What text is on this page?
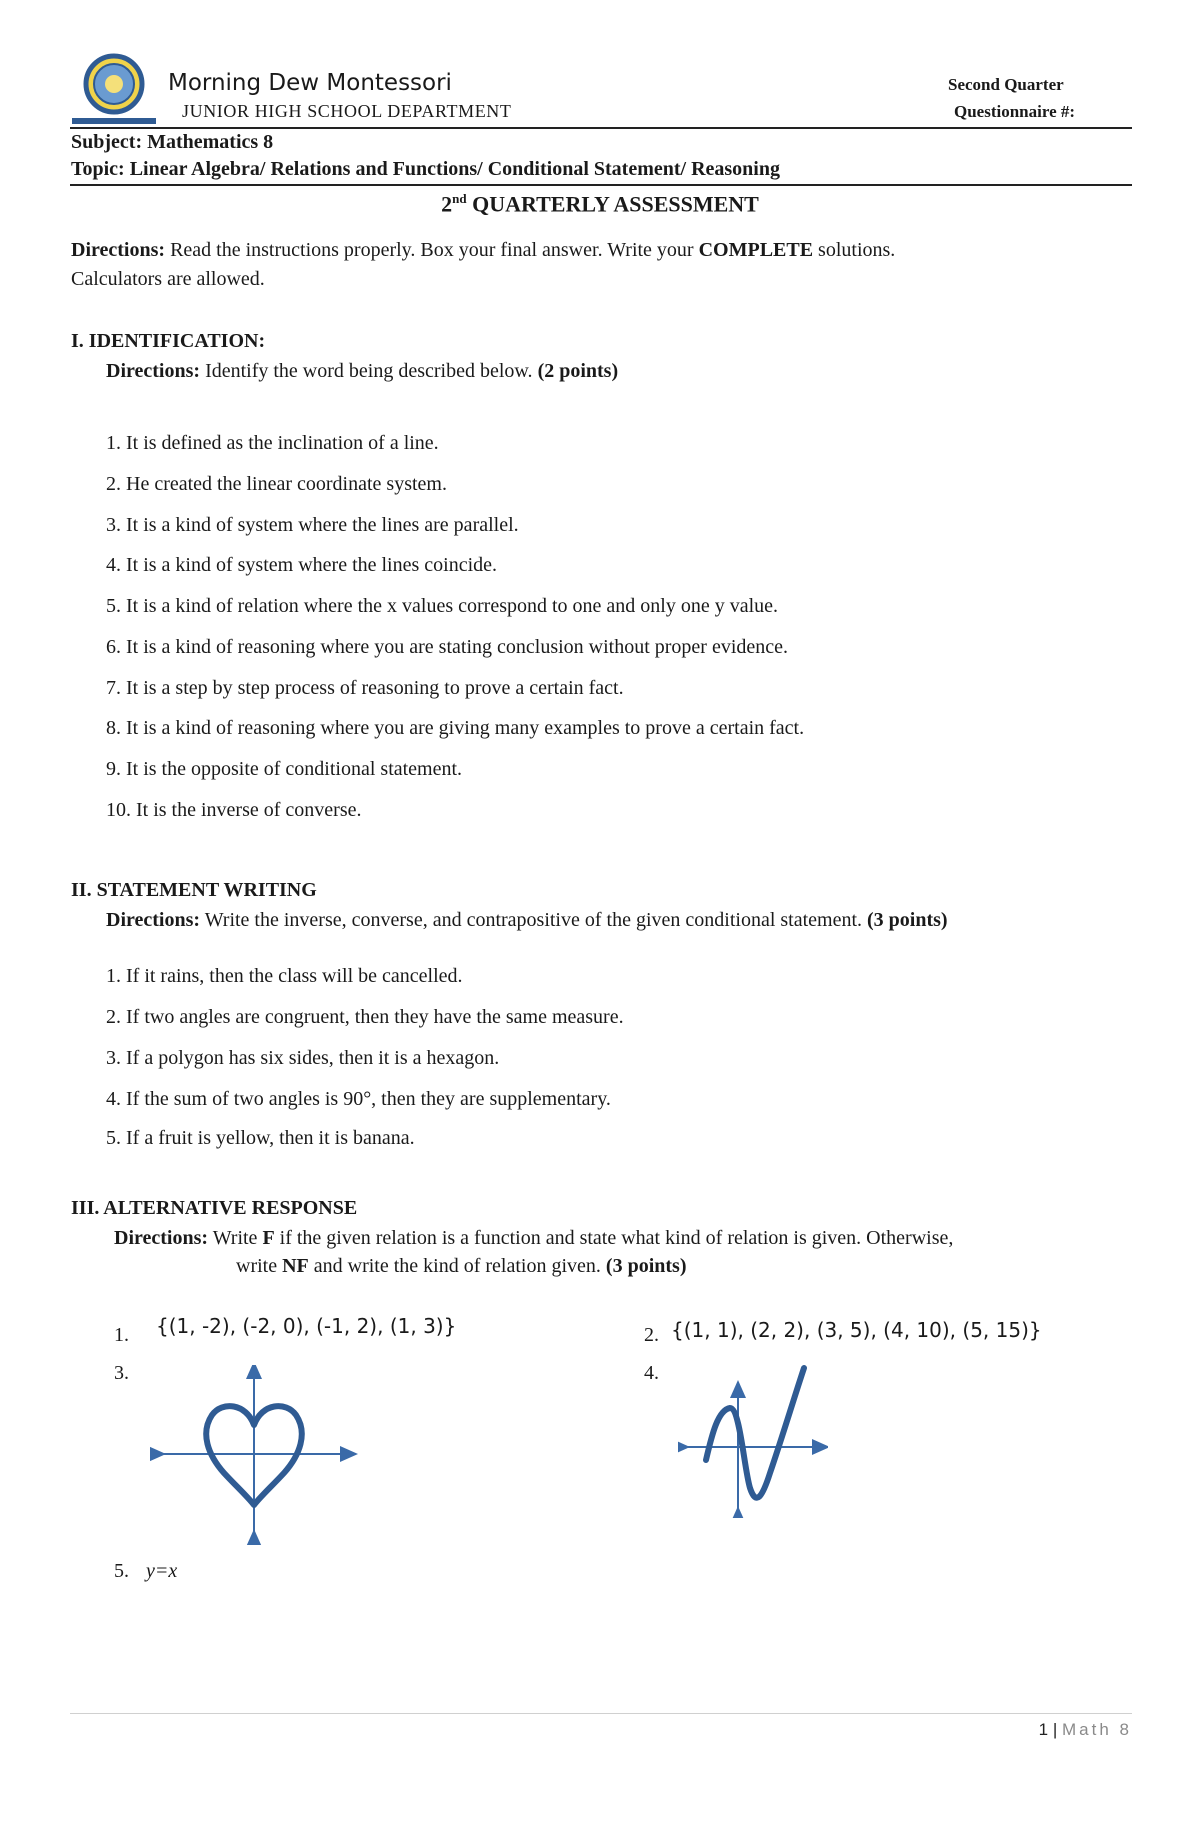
Morning Dew Montessori
JUNIOR HIGH SCHOOL DEPARTMENT
Second Quarter
Questionnaire #:
Subject: Mathematics 8
Topic: Linear Algebra/ Relations and Functions/ Conditional Statement/ Reasoning
2nd QUARTERLY ASSESSMENT
Directions: Read the instructions properly. Box your final answer. Write your COMPLETE solutions.
Calculators are allowed.
I. IDENTIFICATION:
Directions: Identify the word being described below. (2 points)
1. It is defined as the inclination of a line.
2. He created the linear coordinate system.
3. It is a kind of system where the lines are parallel.
4. It is a kind of system where the lines coincide.
5. It is a kind of relation where the x values correspond to one and only one y value.
6. It is a kind of reasoning where you are stating conclusion without proper evidence.
7. It is a step by step process of reasoning to prove a certain fact.
8. It is a kind of reasoning where you are giving many examples to prove a certain fact.
9. It is the opposite of conditional statement.
10. It is the inverse of converse.
II. STATEMENT WRITING
Directions: Write the inverse, converse, and contrapositive of the given conditional statement. (3 points)
1. If it rains, then the class will be cancelled.
2. If two angles are congruent, then they have the same measure.
3. If a polygon has six sides, then it is a hexagon.
4. If the sum of two angles is 90°, then they are supplementary.
5. If a fruit is yellow, then it is banana.
III. ALTERNATIVE RESPONSE
Directions: Write F if the given relation is a function and state what kind of relation is given. Otherwise,
write NF and write the kind of relation given. (3 points)
1. {(1, -2), (-2, 0), (-1, 2), (1, 3)}	2. {(1, 1), (2, 2), (3, 5), (4, 10), (5, 15)}
3.	4.
5. y=x
1 | Math 8
